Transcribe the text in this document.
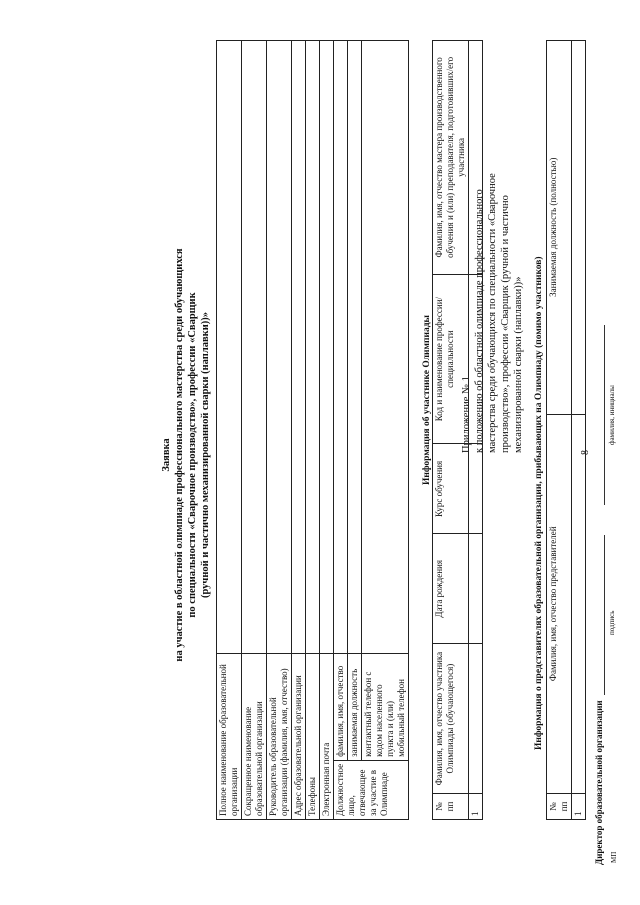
8
Приложение № 1 к положению об областной олимпиаде профессионального мастерства среди обучающихся по специальности «Сварочное производство», профессии «Сварщик (ручной и частично механизированной сварки (наплавки))»
Заявка на участие в областной олимпиаде профессионального мастерства среди обучающихся по специальности «Сварочное производство», профессии «Сварщик (ручной и частично механизированной сварки (наплавки))»
Полное наименование образовательной организации		
Сокращенное наименование образовательной организации		
Руководитель образовательной организации (фамилия, имя, отчество)		
Адрес образовательной организации		
Телефоны		
Электронная почта		
Должностное лицо, отвечающее за участие в Олимпиаде	фамилия, имя, отчество	
	занимаемая должность	
	контактный телефон с кодом населенного пункта и (или) мобильный телефон	
Информация об участнике Олимпиады
№ пп	Фамилия, имя, отчество участника Олимпиады (обучающегося)	Дата рождения	Курс обучения	Код и наименование профессии/специальности	Фамилия, имя, отчество мастера производственного обучения и (или) преподавателя, подготовивших/его участника
1					
Информация о представителях образовательной организации, прибывающих на Олимпиаду (помимо участников)
№ пп	Фамилия, имя, отчество представителей	Занимаемая должность (полностью)
1		Директор образовательной организации
подпись
фамилия, инициалы
МП
